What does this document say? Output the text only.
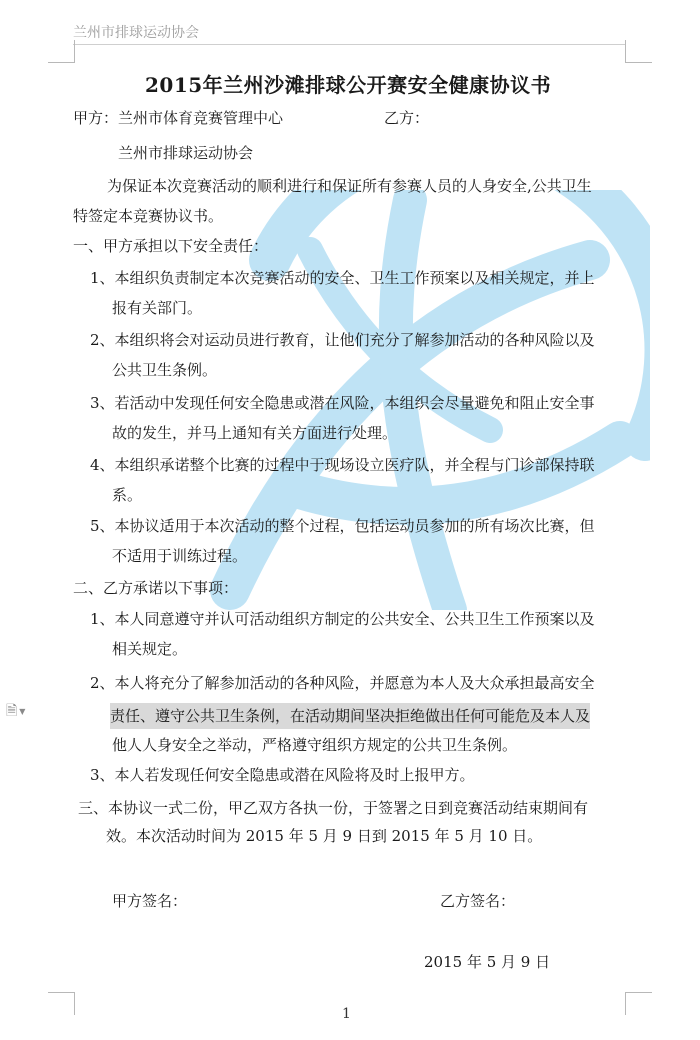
兰州市排球运动协会
🗎 ▼
2015年兰州沙滩排球公开赛安全健康协议书
甲方： 兰州市体育竞赛管理中心	乙方：
兰州市排球运动协会
为保证本次竞赛活动的顺利进行和保证所有参赛人员的人身安全,公共卫生
特签定本竞赛协议书。
一、甲方承担以下安全责任：
1、本组织负责制定本次竞赛活动的安全、卫生工作预案以及相关规定，并上
报有关部门。
2、本组织将会对运动员进行教育，让他们充分了解参加活动的各种风险以及
公共卫生条例。
3、若活动中发现任何安全隐患或潜在风险，本组织会尽量避免和阻止安全事
故的发生，并马上通知有关方面进行处理。
4、本组织承诺整个比赛的过程中于现场设立医疗队，并全程与门诊部保持联
系。
5、本协议适用于本次活动的整个过程，包括运动员参加的所有场次比赛，但
不适用于训练过程。
二、乙方承诺以下事项：
1、本人同意遵守并认可活动组织方制定的公共安全、公共卫生工作预案以及
相关规定。
2、本人将充分了解参加活动的各种风险，并愿意为本人及大众承担最高安全
责任、遵守公共卫生条例，在活动期间坚决拒绝做出任何可能危及本人及
他人人身安全之举动，严格遵守组织方规定的公共卫生条例。
3、本人若发现任何安全隐患或潜在风险将及时上报甲方。
三、本协议一式二份，甲乙双方各执一份，于签署之日到竞赛活动结束期间有
效。本次活动时间为 2015 年 5 月 9 日到 2015 年 5 月 10 日。
甲方签名：	乙方签名：
2015 年 5 月 9 日
1
